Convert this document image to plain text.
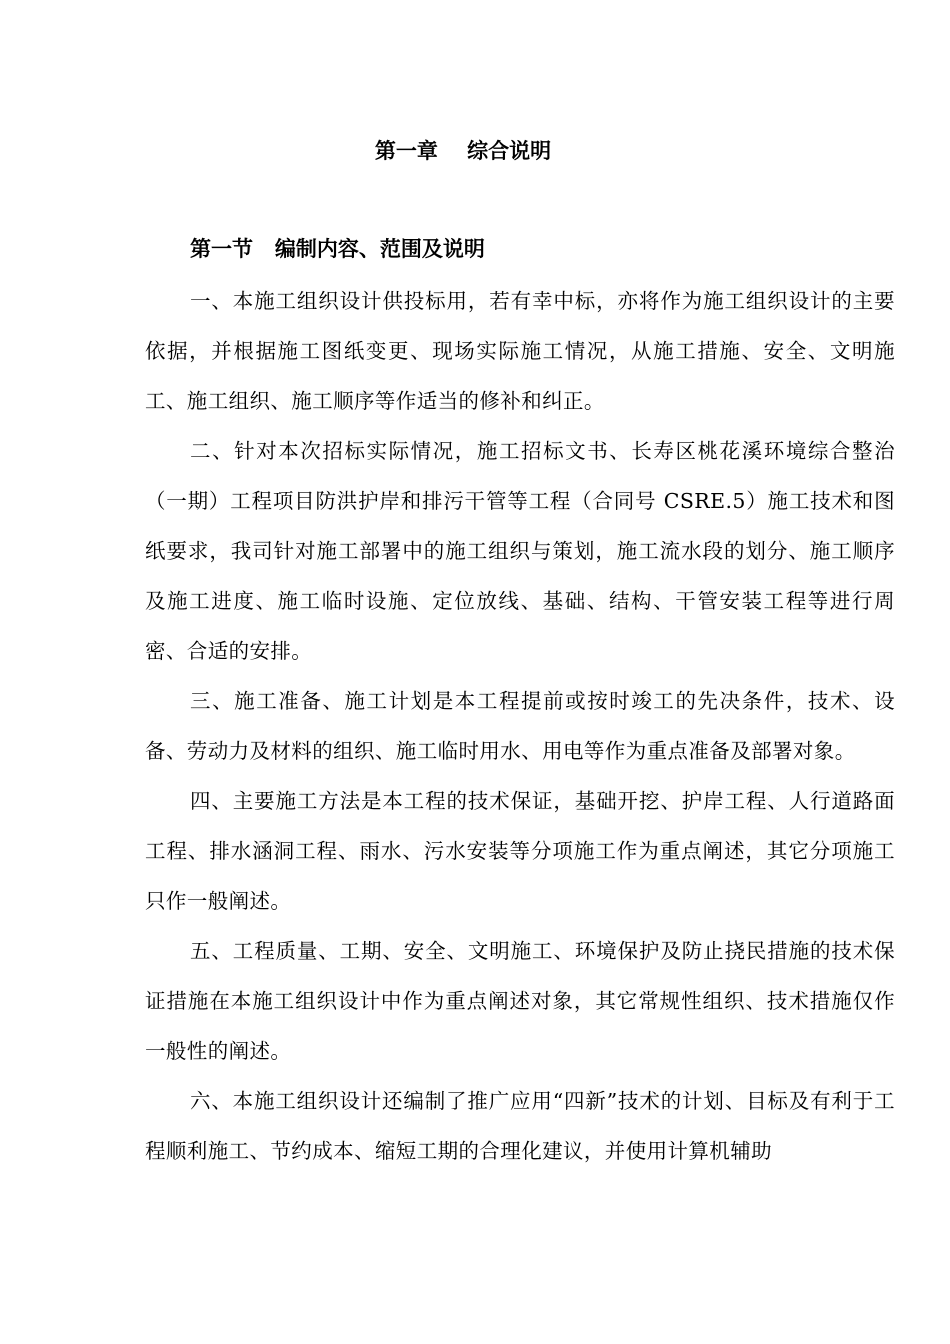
第一章    综合说明
第一节   编制内容、范围及说明

一、本施工组织设计供投标用，若有幸中标，亦将作为施工组织设计的主要依据，并根据施工图纸变更、现场实际施工情况，从施工措施、安全、文明施工、施工组织、施工顺序等作适当的修补和纠正。

二、针对本次招标实际情况，施工招标文书、长寿区桃花溪环境综合整治（一期）工程项目防洪护岸和排污干管等工程（合同号 CSRE.5）施工技术和图纸要求，我司针对施工部署中的施工组织与策划，施工流水段的划分、施工顺序及施工进度、施工临时设施、定位放线、基础、结构、干管安装工程等进行周密、合适的安排。

三、施工准备、施工计划是本工程提前或按时竣工的先决条件，技术、设备、劳动力及材料的组织、施工临时用水、用电等作为重点准备及部署对象。

四、主要施工方法是本工程的技术保证，基础开挖、护岸工程、人行道路面工程、排水涵洞工程、雨水、污水安装等分项施工作为重点阐述，其它分项施工只作一般阐述。

五、工程质量、工期、安全、文明施工、环境保护及防止挠民措施的技术保证措施在本施工组织设计中作为重点阐述对象，其它常规性组织、技术措施仅作一般性的阐述。

六、本施工组织设计还编制了推广应用“四新”技术的计划、目标及有利于工程顺利施工、节约成本、缩短工期的合理化建议，并使用计算机辅助
